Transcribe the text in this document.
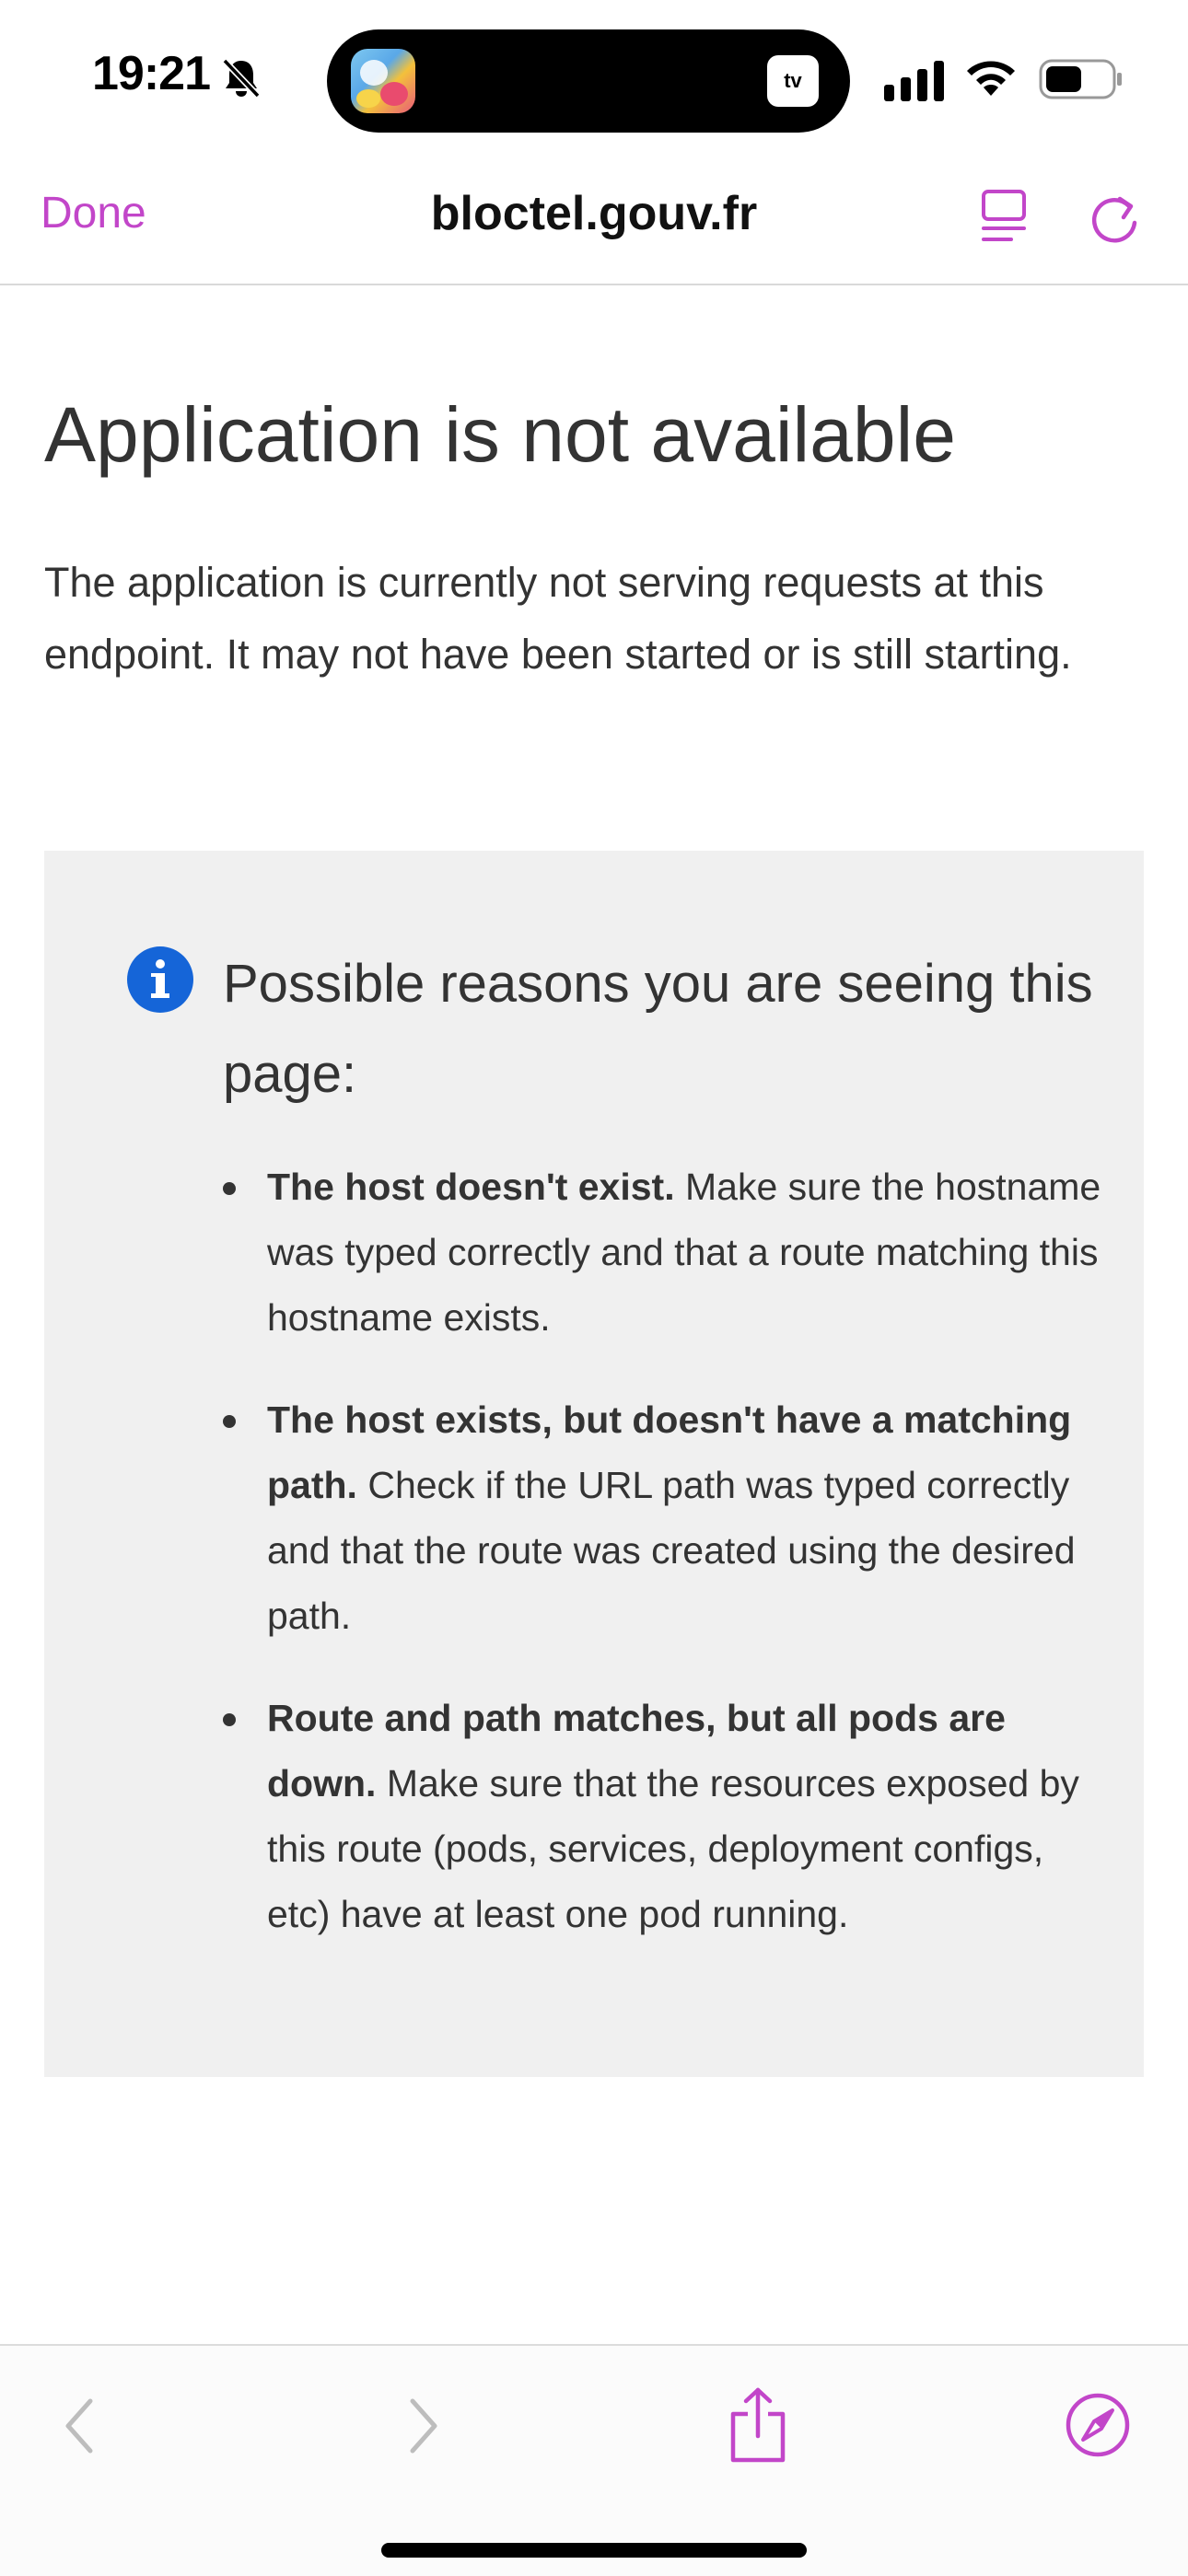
19:21	tv
Done	bloctel.gouv.fr
Application is not available

The application is currently not serving requests at this endpoint. It may not have been started or is still starting.

Possible reasons you are seeing this page:
The host doesn't exist. Make sure the hostname was typed correctly and that a route matching this hostname exists.
The host exists, but doesn't have a matching path. Check if the URL path was typed correctly and that the route was created using the desired path.
Route and path matches, but all pods are down. Make sure that the resources exposed by this route (pods, services, deployment configs, etc) have at least one pod running.
